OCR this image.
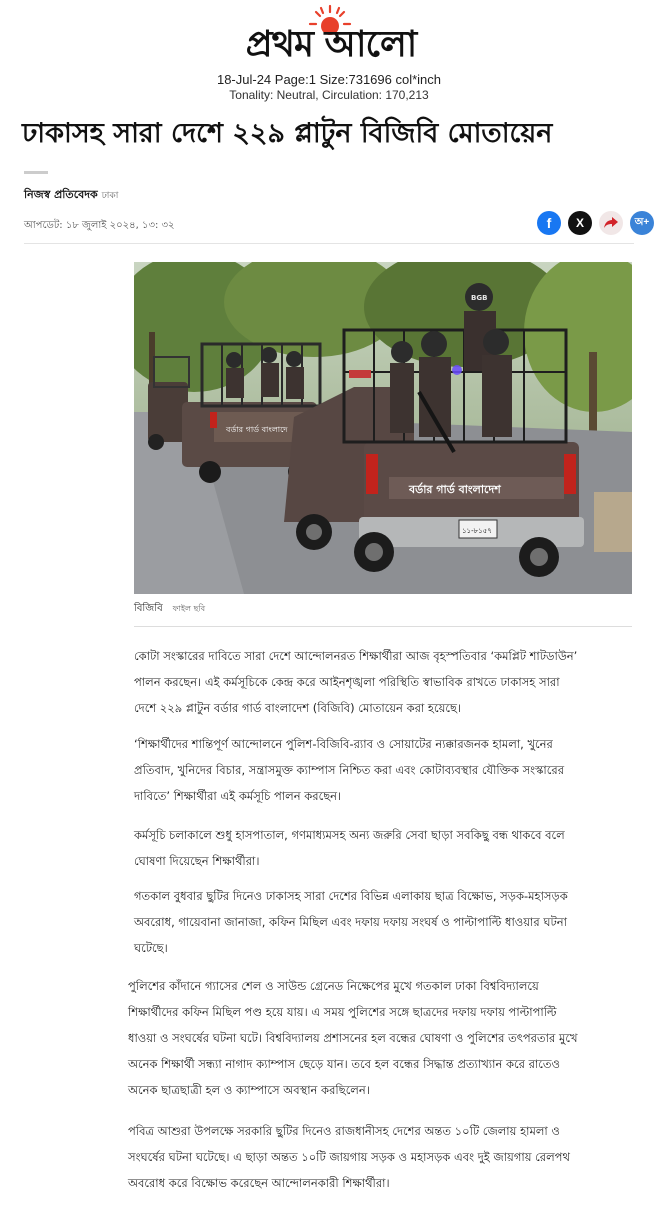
প্রথম আলো
18-Jul-24 Page:1 Size:731696 col*inch
Tonality: Neutral, Circulation: 170,213
ঢাকাসহ সারা দেশে ২২৯ প্লাটুন বিজিবি মোতায়েন
নিজস্ব প্রতিবেদক ঢাকা
আপডেট: ১৮ জুলাই ২০২৪, ১৩: ৩২	f X	অ+
বর্ডার গার্ড বাংলাদে
১১-৮১৫৭
বর্ডার গার্ড বাংলাদেশ
BGB
বিজিবি ফাইল ছবি
কোটা সংস্কারের দাবিতে সারা দেশে আন্দোলনরত শিক্ষার্থীরা আজ বৃহস্পতিবার ‘কমপ্লিট শাটডাউন’
পালন করছেন। এই কর্মসূচিকে কেন্দ্র করে আইনশৃঙ্খলা পরিস্থিতি স্বাভাবিক রাখতে ঢাকাসহ সারা
দেশে ২২৯ প্লাটুন বর্ডার গার্ড বাংলাদেশ (বিজিবি) মোতায়েন করা হয়েছে।
‘শিক্ষার্থীদের শান্তিপূর্ণ আন্দোলনে পুলিশ-বিজিবি-র‍্যাব ও সোয়াটের ন্যক্কারজনক হামলা, খুনের
প্রতিবাদ, খুনিদের বিচার, সন্ত্রাসমুক্ত ক্যাম্পাস নিশ্চিত করা এবং কোটাব্যবস্থার যৌক্তিক সংস্কারের
দাবিতে’ শিক্ষার্থীরা এই কর্মসূচি পালন করছেন।
কর্মসূচি চলাকালে শুধু হাসপাতাল, গণমাধ্যমসহ অন্য জরুরি সেবা ছাড়া সবকিছু বন্ধ থাকবে বলে
ঘোষণা দিয়েছেন শিক্ষার্থীরা।
গতকাল বুধবার ছুটির দিনেও ঢাকাসহ সারা দেশের বিভিন্ন এলাকায় ছাত্র বিক্ষোভ, সড়ক-মহাসড়ক
অবরোধ, গায়েবানা জানাজা, কফিন মিছিল এবং দফায় দফায় সংঘর্ষ ও পাল্টাপাল্টি ধাওয়ার ঘটনা
ঘটেছে।
পুলিশের কাঁদানে গ্যাসের শেল ও সাউন্ড গ্রেনেড নিক্ষেপের মুখে গতকাল ঢাকা বিশ্ববিদ্যালয়ে
শিক্ষার্থীদের কফিন মিছিল পণ্ড হয়ে যায়। এ সময় পুলিশের সঙ্গে ছাত্রদের দফায় দফায় পাল্টাপাল্টি
ধাওয়া ও সংঘর্ষের ঘটনা ঘটে। বিশ্ববিদ্যালয় প্রশাসনের হল বন্ধের ঘোষণা ও পুলিশের তৎপরতার মুখে
অনেক শিক্ষার্থী সন্ধ্যা নাগাদ ক্যাম্পাস ছেড়ে যান। তবে হল বন্ধের সিদ্ধান্ত প্রত্যাখ্যান করে রাতেও
অনেক ছাত্রছাত্রী হল ও ক্যাম্পাসে অবস্থান করছিলেন।
পবিত্র আশুরা উপলক্ষে সরকারি ছুটির দিনেও রাজধানীসহ দেশের অন্তত ১০টি জেলায় হামলা ও
সংঘর্ষের ঘটনা ঘটেছে। এ ছাড়া অন্তত ১০টি জায়গায় সড়ক ও মহাসড়ক এবং দুই জায়গায় রেলপথ
অবরোধ করে বিক্ষোভ করেছেন আন্দোলনকারী শিক্ষার্থীরা।
